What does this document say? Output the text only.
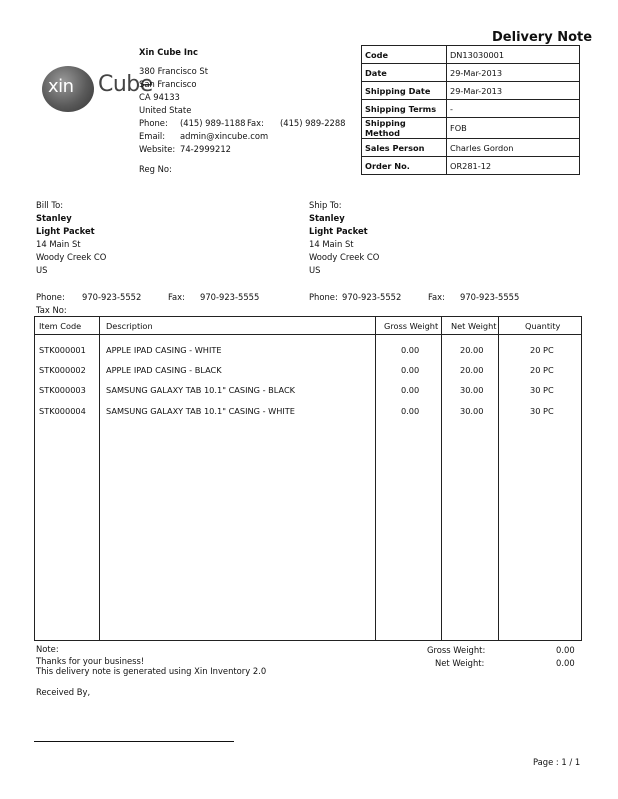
Delivery Note
xin Cube
Xin Cube Inc
380 Francisco St
San Francisco
CA 94133
United State
Phone: (415) 989-1188 Fax: (415) 989-2288
Email: admin@xincube.com
Website: 74-2999212
Reg No:
Code	DN13030001
Date	29-Mar-2013
Shipping Date	29-Mar-2013
Shipping Terms	-
Shipping Method	FOB
Sales Person	Charles Gordon
Order No.	OR281-12
Bill To:
Stanley
Light Packet
14 Main St
Woody Creek CO
US
Phone: 970-923-5552	Fax: 970-923-5555
Tax No:
Ship To:
Stanley
Light Packet
14 Main St
Woody Creek CO
US
Phone: 970-923-5552	Fax: 970-923-5555
Item Code	Description	Gross Weight Net Weight	Quantity
STK000001 APPLE IPAD CASING - WHITE	0.00	20.00	20 PC
STK000002 APPLE IPAD CASING - BLACK	0.00	20.00	20 PC
STK000003 SAMSUNG GALAXY TAB 10.1" CASING - BLACK	0.00	30.00	30 PC
STK000004 SAMSUNG GALAXY TAB 10.1" CASING - WHITE	0.00	30.00	30 PC
Note:
Thanks for your business!
This delivery note is generated using Xin Inventory 2.0
Received By,
Gross Weight:	0.00
Net Weight:	0.00
Page : 1 / 1
